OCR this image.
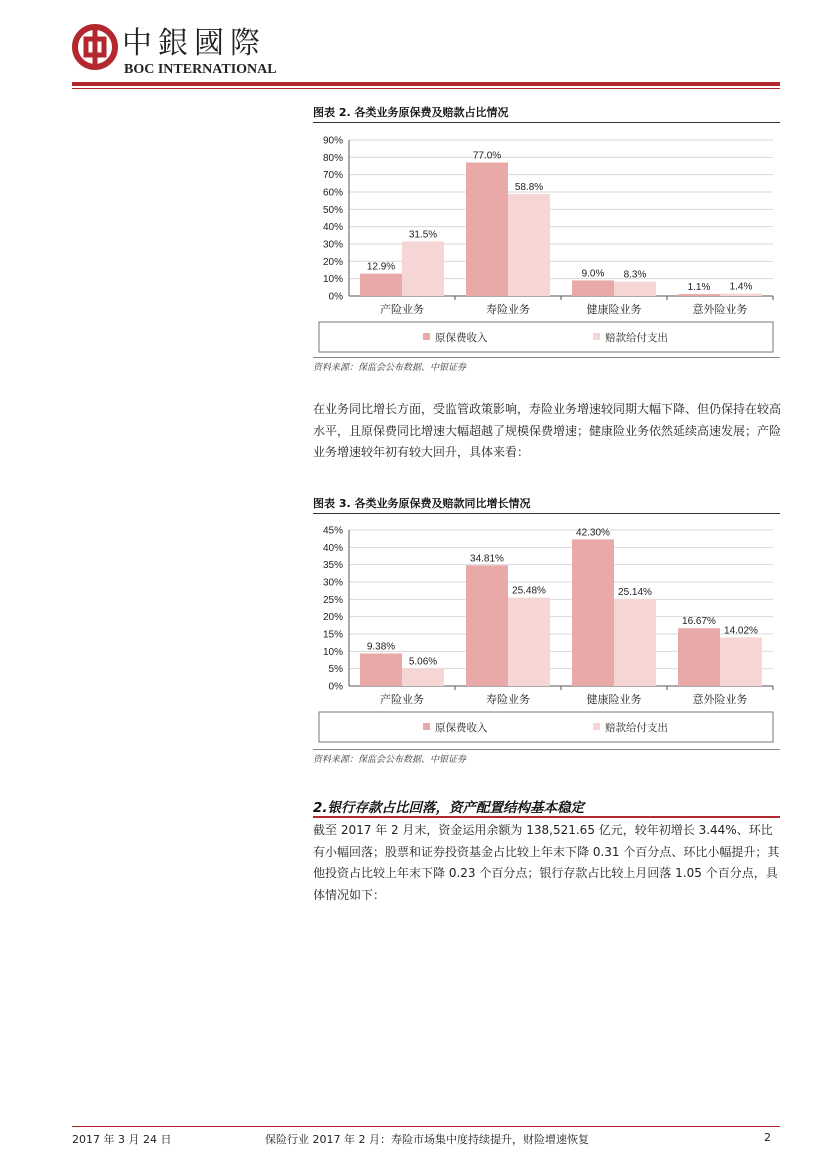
中銀國際
BOC INTERNATIONAL
图表 2. 各类业务原保费及赔款占比情况
0%
10%
20%
30%
40%
50%
60%
70%
80%
90%
12.9%
31.5%
产险业务
77.0%
58.8%
寿险业务
9.0% 8.3%
健康险业务
1.1% 1.4%
意外险业务
原保费收入	赔款给付支出
资料来源：保监会公布数据、中银证券
在业务同比增长方面，受监管政策影响，寿险业务增速较同期大幅下降、但仍保持在较高水平，且原保费同比增速大幅超越了规模保费增速；健康险业务依然延续高速发展；产险业务增速较年初有较大回升，具体来看：
图表 3. 各类业务原保费及赔款同比增长情况
0%
5%
10%
15%
20%
25%
30%
35%
40%
45%
9.38%
5.06%
产险业务
34.81%
25.48%
寿险业务
42.30%
25.14%
健康险业务
16.67%
14.02%
意外险业务
原保费收入	赔款给付支出
资料来源：保监会公布数据、中银证券
2.银行存款占比回落，资产配置结构基本稳定
截至 2017 年 2 月末，资金运用余额为 138,521.65 亿元，较年初增长 3.44%、环比有小幅回落；股票和证券投资基金占比较上年末下降 0.31 个百分点、环比小幅提升；其他投资占比较上年末下降 0.23 个百分点；银行存款占比较上月回落 1.05 个百分点，具体情况如下：
2017 年 3 月 24 日	保险行业 2017 年 2 月：寿险市场集中度持续提升，财险增速恢复	2
